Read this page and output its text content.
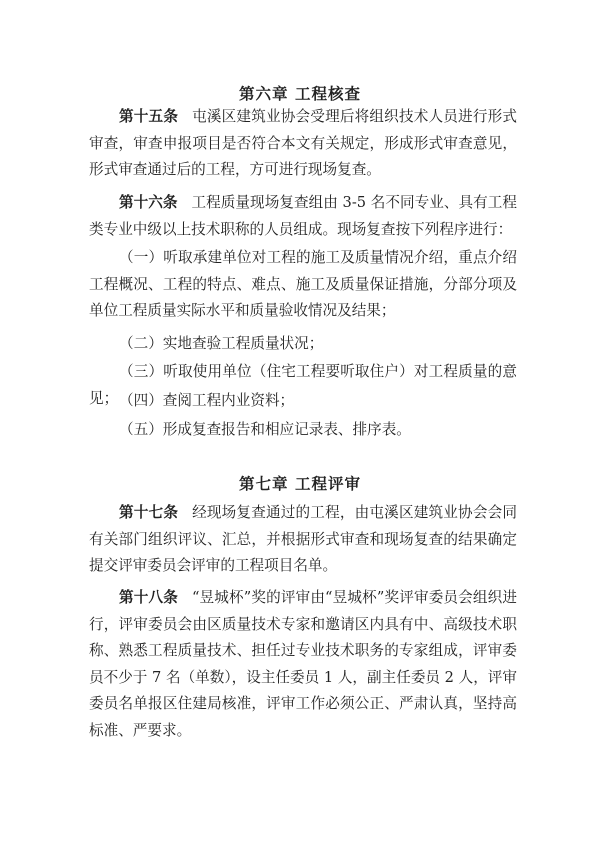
第六章 工程核查

第十五条 屯溪区建筑业协会受理后将组织技术人员进行形式审查，审查申报项目是否符合本文有关规定，形成形式审查意见，形式审查通过后的工程，方可进行现场复查。

第十六条 工程质量现场复查组由 3-5 名不同专业、具有工程类专业中级以上技术职称的人员组成。现场复查按下列程序进行：

（一）听取承建单位对工程的施工及质量情况介绍，重点介绍工程概况、工程的特点、难点、施工及质量保证措施，分部分项及单位工程质量实际水平和质量验收情况及结果；

（二）实地查验工程质量状况；

（三）听取使用单位（住宅工程要听取住户）对工程质量的意见； （四）查阅工程内业资料；

（五）形成复查报告和相应记录表、排序表。

第七章 工程评审

第十七条 经现场复查通过的工程，由屯溪区建筑业协会会同有关部门组织评议、汇总，并根据形式审查和现场复查的结果确定提交评审委员会评审的工程项目名单。

第十八条 “昱城杯”奖的评审由“昱城杯”奖评审委员会组织进行，评审委员会由区质量技术专家和邀请区内具有中、高级技术职称、熟悉工程质量技术、担任过专业技术职务的专家组成，评审委员不少于 7 名（单数），设主任委员 1 人，副主任委员 2 人，评审委员名单报区住建局核准，评审工作必须公正、严肃认真，坚持高标准、严要求。
